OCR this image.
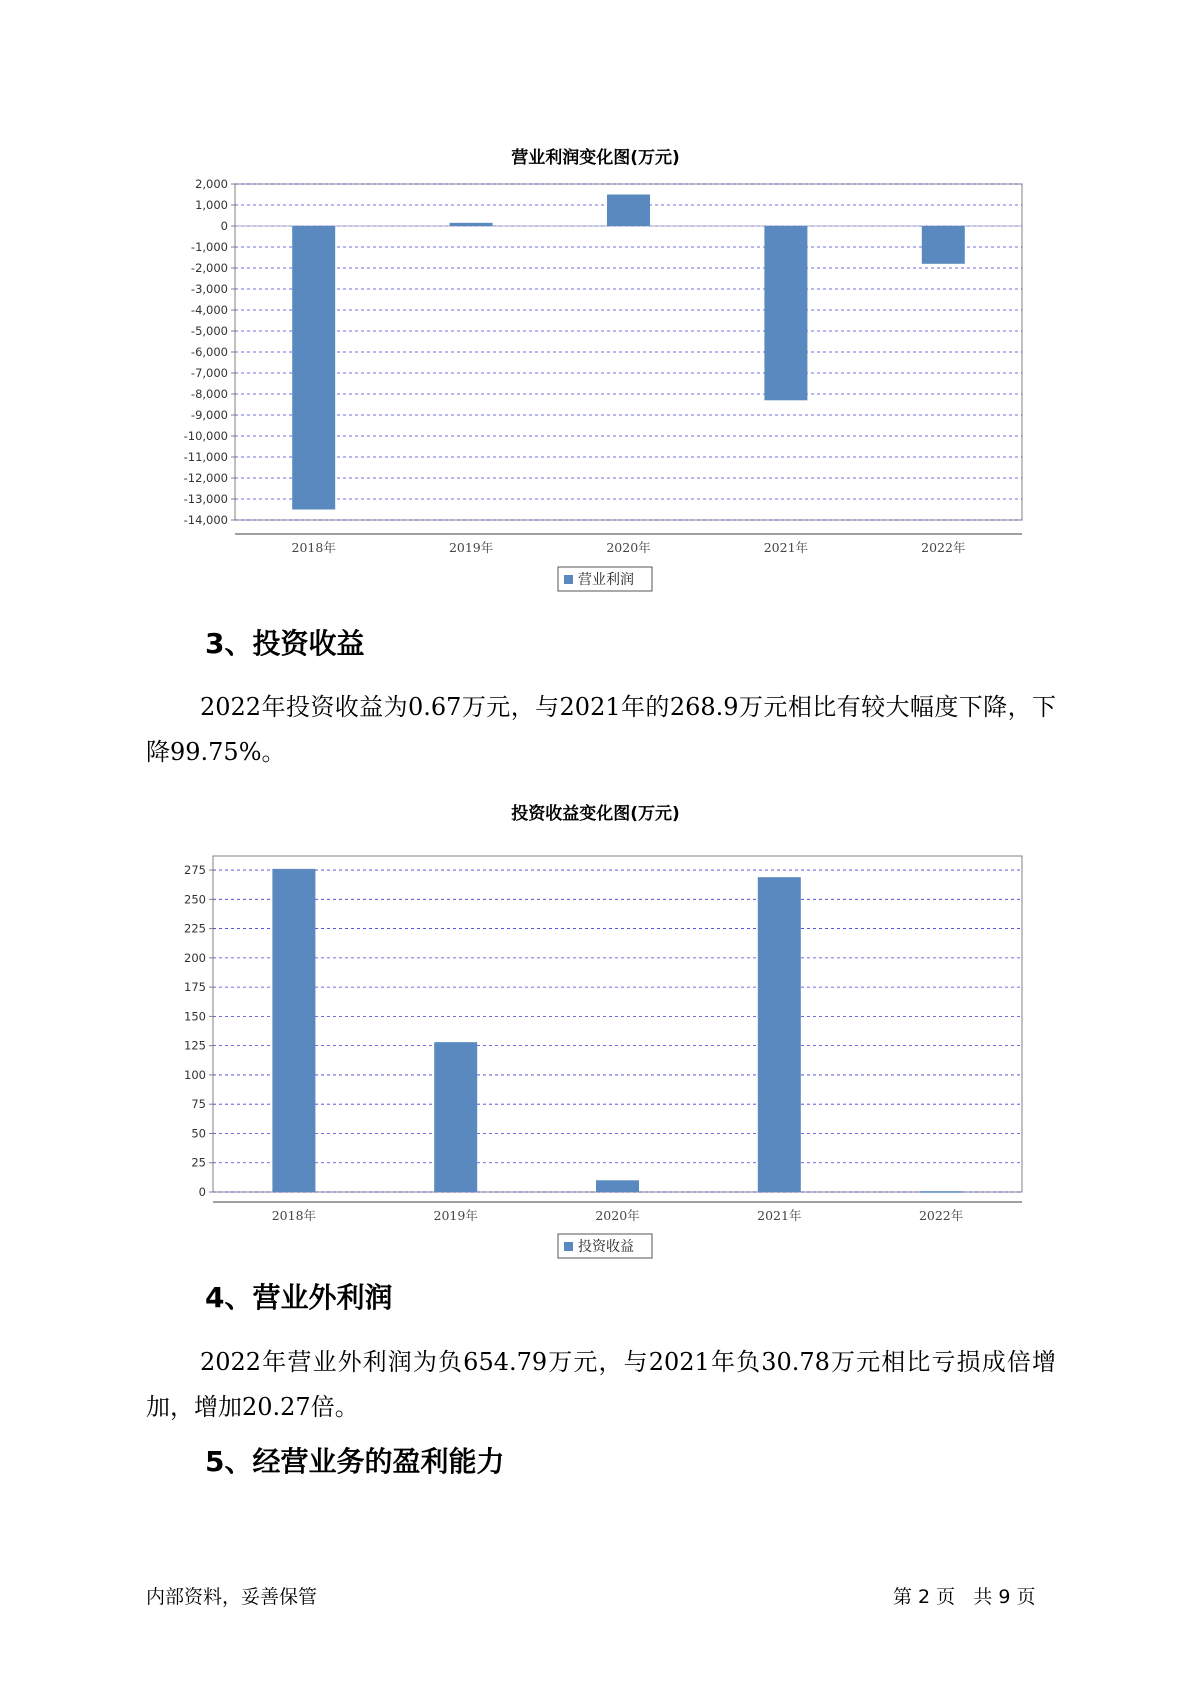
营业利润变化图(万元)
2,000
1,000
0
-1,000
-2,000
-3,000
-4,000
-5,000
-6,000
-7,000
-8,000
-9,000
-10,000
-11,000
-12,000
-13,000
-14,000
2018年	2019年	2020年	2021年	2022年
营业利润
3、投资收益

2022年投资收益为0.67万元，与2021年的268.9万元相比有较大幅度下降，下降99.75%。

投资收益变化图(万元)
0
25
50
75
100
125
150
175
200
225
250
275
2018年	2019年	2020年	2021年	2022年
投资收益
4、营业外利润

2022年营业外利润为负654.79万元，与2021年负30.78万元相比亏损成倍增加，增加20.27倍。

5、经营业务的盈利能力
内部资料，妥善保管	第 2 页   共 9 页
